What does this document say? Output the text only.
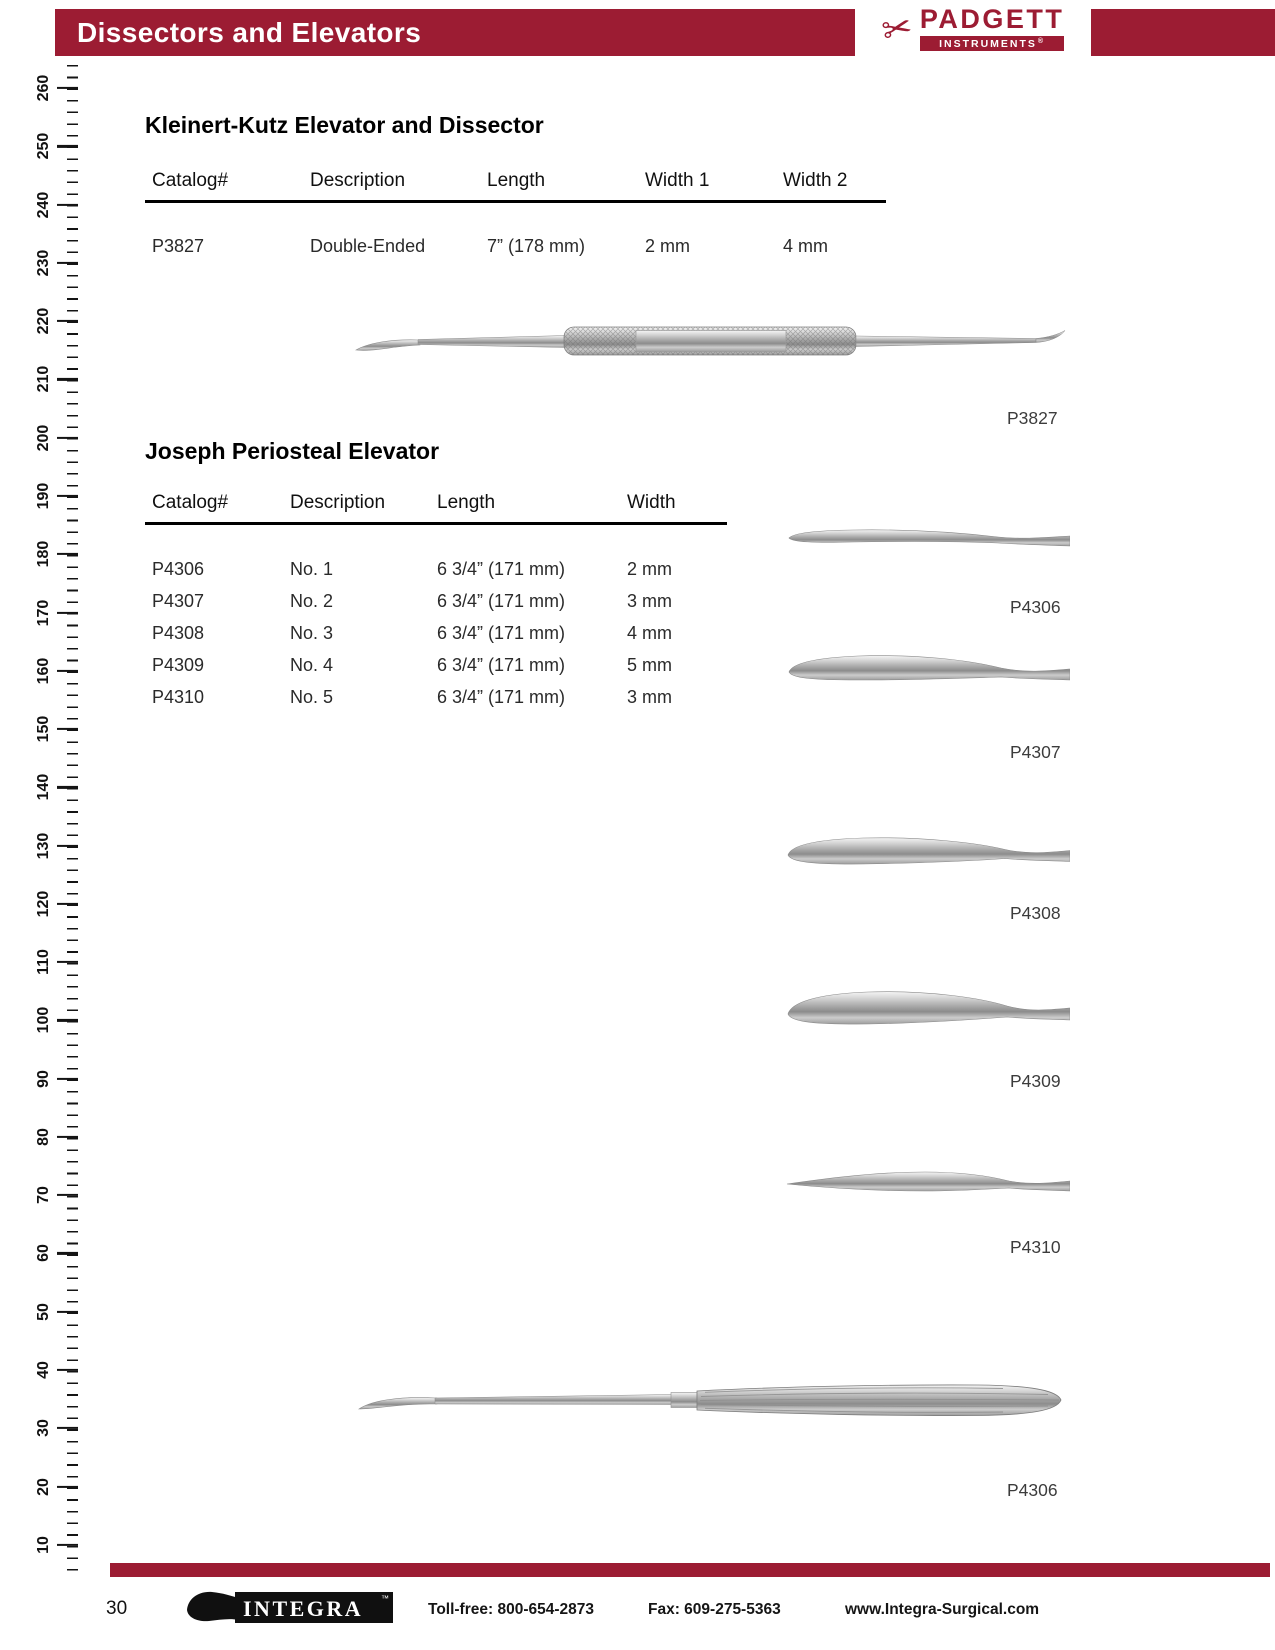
Dissectors and Elevators	✂ PADGETT
INSTRUMENTS ®
260
250
240
230
220
210
200
190
180
170
160
150
140
130
120
110
100
90
80
70
60
50
40
30
20
10
Kleinert-Kutz Elevator and Dissector
Catalog#	Description	Length	Width 1	Width 2
P3827	Double-Ended	7” (178 mm)	2 mm	4 mm
P3827
Joseph Periosteal Elevator
Catalog#	Description	Length	Width
P4306	No. 1	6 3/4” (171 mm)	2 mm
P4307	No. 2	6 3/4” (171 mm)	3 mm
P4308	No. 3	6 3/4” (171 mm)	4 mm
P4309	No. 4	6 3/4” (171 mm)	5 mm
P4310	No. 5	6 3/4” (171 mm)	3 mm
P4306
P4307
P4308
P4309
P4310
P4306
30	INTEGRA ™
Toll-free: 800-654-2873	Fax: 609-275-5363	www.Integra-Surgical.com
